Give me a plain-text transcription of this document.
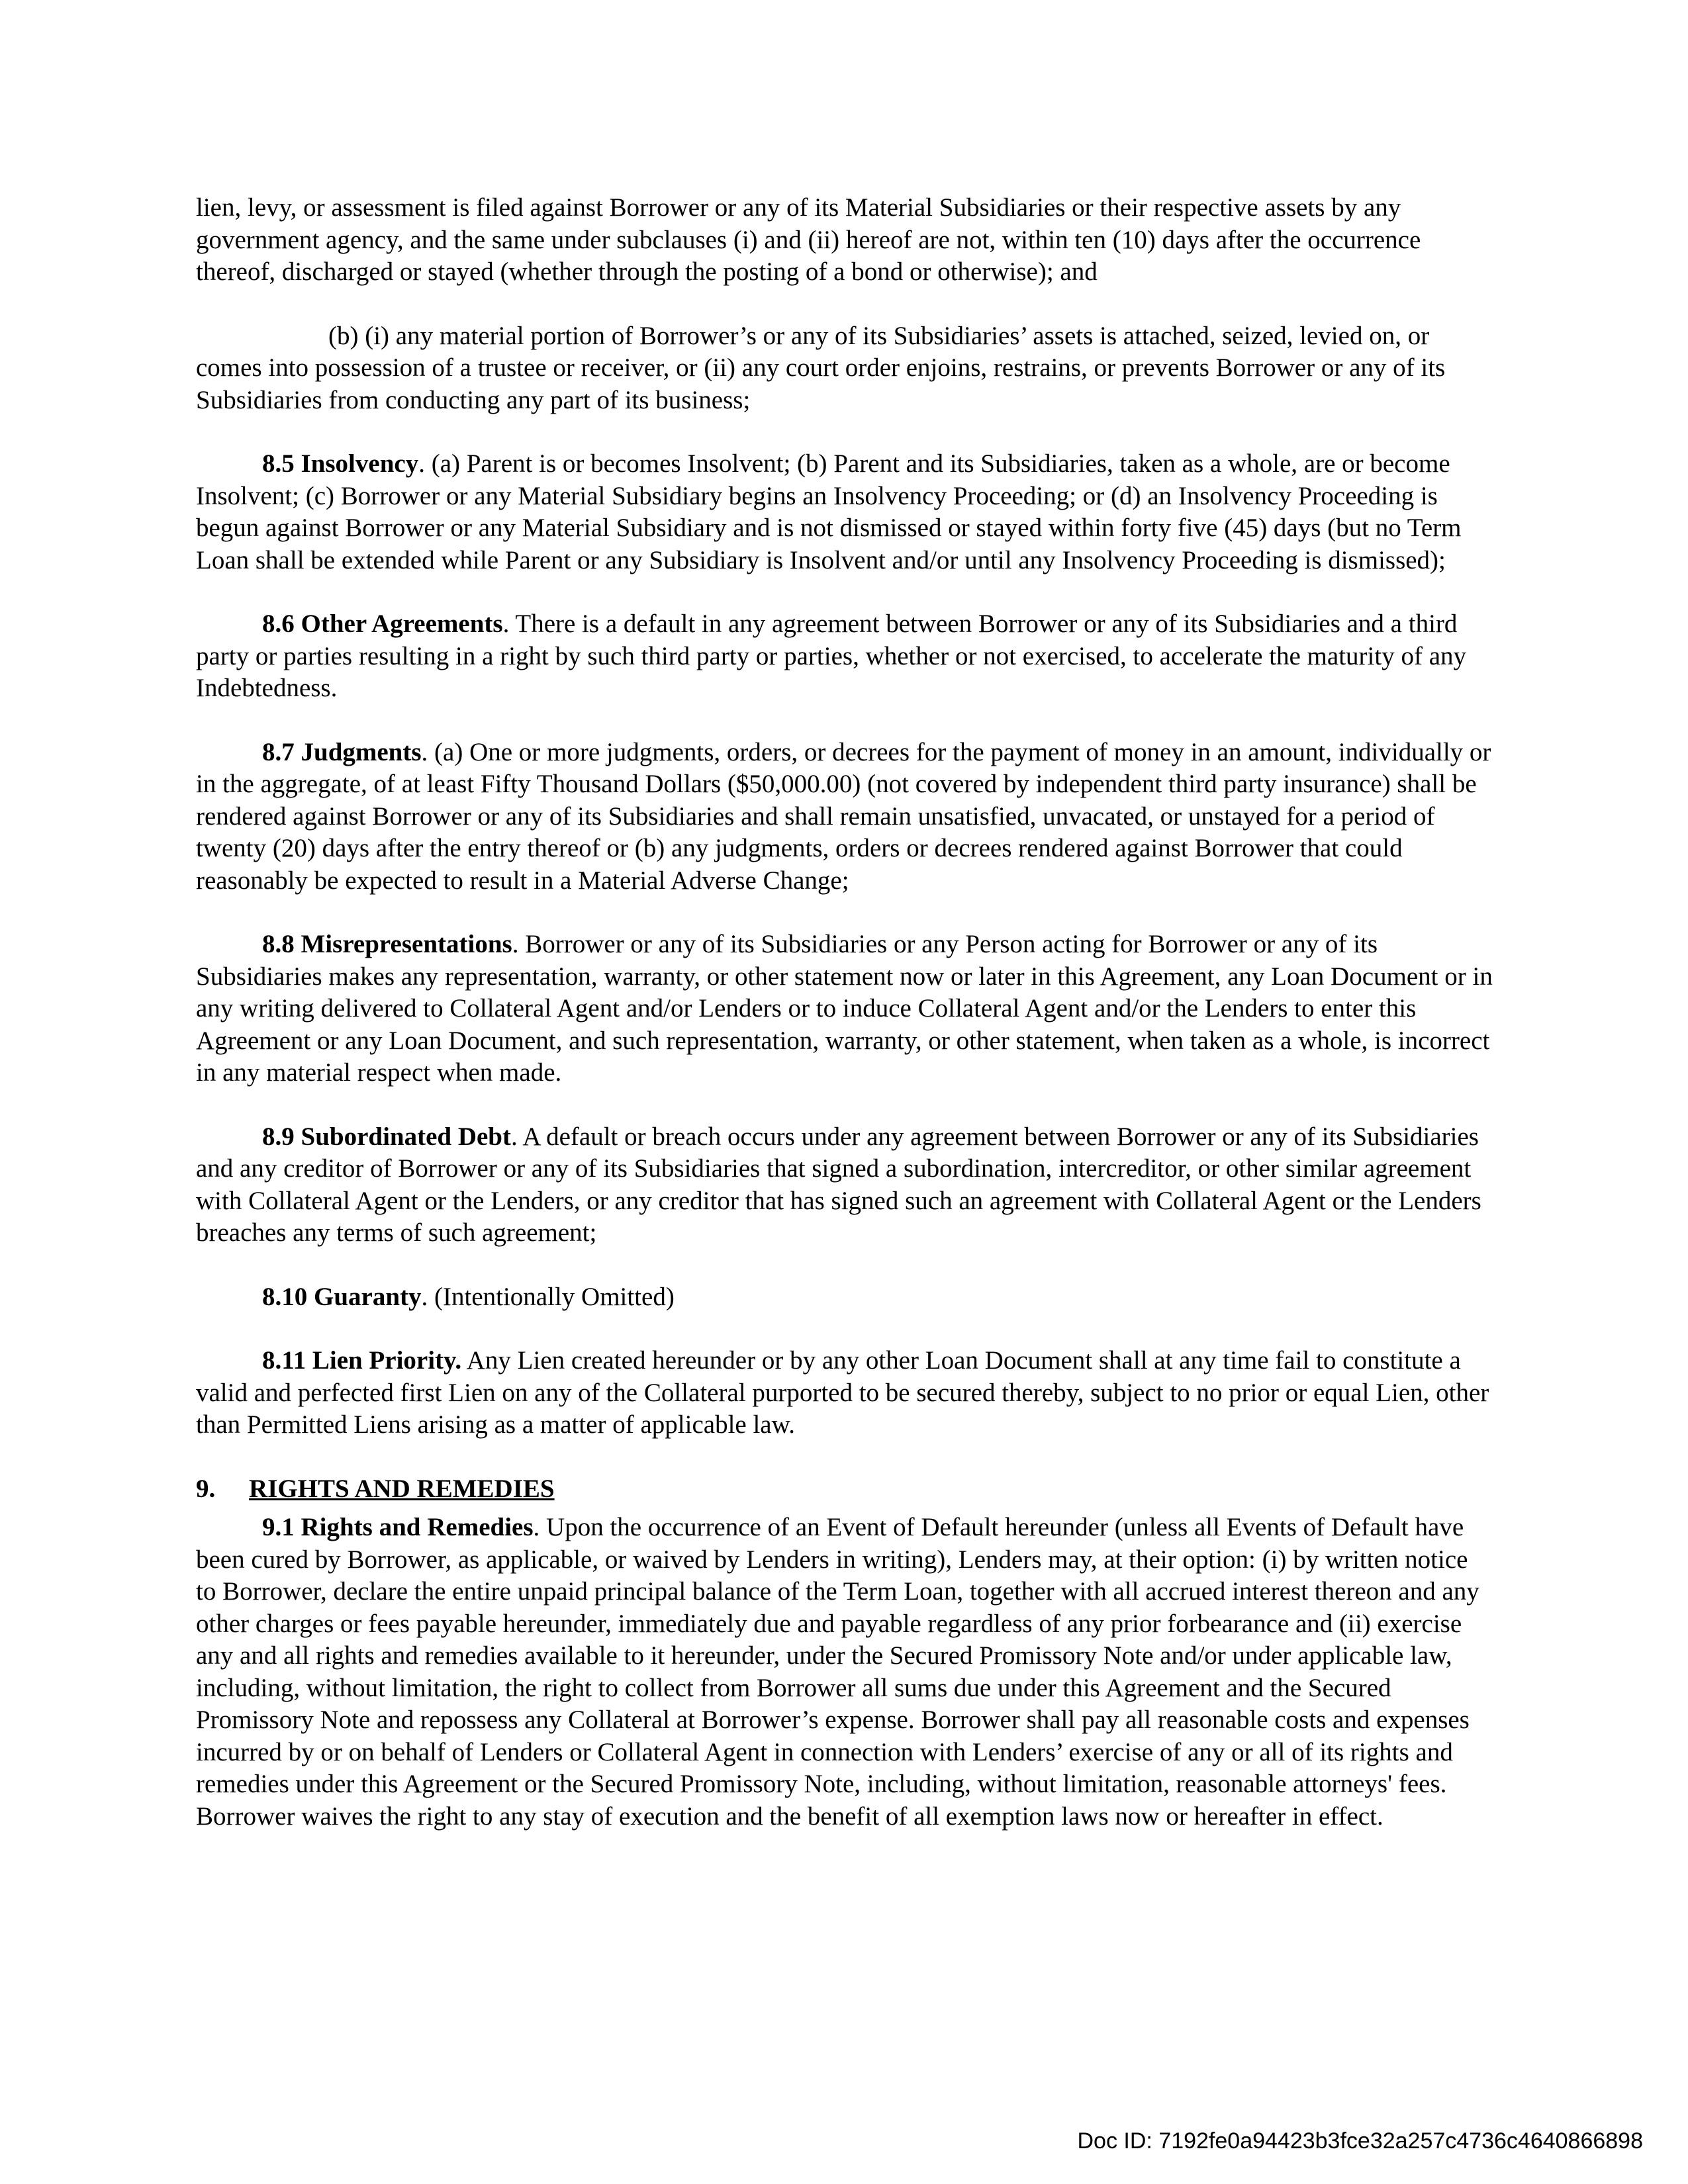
lien, levy, or assessment is filed against Borrower or any of its Material Subsidiaries or their respective assets by any government agency, and the same under subclauses (i) and (ii) hereof are not, within ten (10) days after the occurrence thereof, discharged or stayed (whether through the posting of a bond or otherwise); and

(b) (i) any material portion of Borrower’s or any of its Subsidiaries’ assets is attached, seized, levied on, or comes into possession of a trustee or receiver, or (ii) any court order enjoins, restrains, or prevents Borrower or any of its Subsidiaries from conducting any part of its business;

8.5 Insolvency. (a) Parent is or becomes Insolvent; (b) Parent and its Subsidiaries, taken as a whole, are or become Insolvent; (c) Borrower or any Material Subsidiary begins an Insolvency Proceeding; or (d) an Insolvency Proceeding is begun against Borrower or any Material Subsidiary and is not dismissed or stayed within forty five (45) days (but no Term Loan shall be extended while Parent or any Subsidiary is Insolvent and/or until any Insolvency Proceeding is dismissed);

8.6 Other Agreements. There is a default in any agreement between Borrower or any of its Subsidiaries and a third party or parties resulting in a right by such third party or parties, whether or not exercised, to accelerate the maturity of any Indebtedness.

8.7 Judgments. (a) One or more judgments, orders, or decrees for the payment of money in an amount, individually or in the aggregate, of at least Fifty Thousand Dollars ($50,000.00) (not covered by independent third party insurance) shall be rendered against Borrower or any of its Subsidiaries and shall remain unsatisfied, unvacated, or unstayed for a period of twenty (20) days after the entry thereof or (b) any judgments, orders or decrees rendered against Borrower that could reasonably be expected to result in a Material Adverse Change;

8.8 Misrepresentations. Borrower or any of its Subsidiaries or any Person acting for Borrower or any of its Subsidiaries makes any representation, warranty, or other statement now or later in this Agreement, any Loan Document or in any writing delivered to Collateral Agent and/or Lenders or to induce Collateral Agent and/or the Lenders to enter this Agreement or any Loan Document, and such representation, warranty, or other statement, when taken as a whole, is incorrect in any material respect when made.

8.9 Subordinated Debt. A default or breach occurs under any agreement between Borrower or any of its Subsidiaries and any creditor of Borrower or any of its Subsidiaries that signed a subordination, intercreditor, or other similar agreement with Collateral Agent or the Lenders, or any creditor that has signed such an agreement with Collateral Agent or the Lenders breaches any terms of such agreement;

8.10 Guaranty. (Intentionally Omitted)

8.11 Lien Priority. Any Lien created hereunder or by any other Loan Document shall at any time fail to constitute a valid and perfected first Lien on any of the Collateral purported to be secured thereby, subject to no prior or equal Lien, other than Permitted Liens arising as a matter of applicable law.

9. RIGHTS AND REMEDIES

9.1 Rights and Remedies. Upon the occurrence of an Event of Default hereunder (unless all Events of Default have been cured by Borrower, as applicable, or waived by Lenders in writing), Lenders may, at their option: (i) by written notice to Borrower, declare the entire unpaid principal balance of the Term Loan, together with all accrued interest thereon and any other charges or fees payable hereunder, immediately due and payable regardless of any prior forbearance and (ii) exercise any and all rights and remedies available to it hereunder, under the Secured Promissory Note and/or under applicable law, including, without limitation, the right to collect from Borrower all sums due under this Agreement and the Secured Promissory Note and repossess any Collateral at Borrower’s expense. Borrower shall pay all reasonable costs and expenses incurred by or on behalf of Lenders or Collateral Agent in connection with Lenders’ exercise of any or all of its rights and remedies under this Agreement or the Secured Promissory Note, including, without limitation, reasonable attorneys' fees. Borrower waives the right to any stay of execution and the benefit of all exemption laws now or hereafter in effect.

Doc ID: 7192fe0a94423b3fce32a257c4736c4640866898
